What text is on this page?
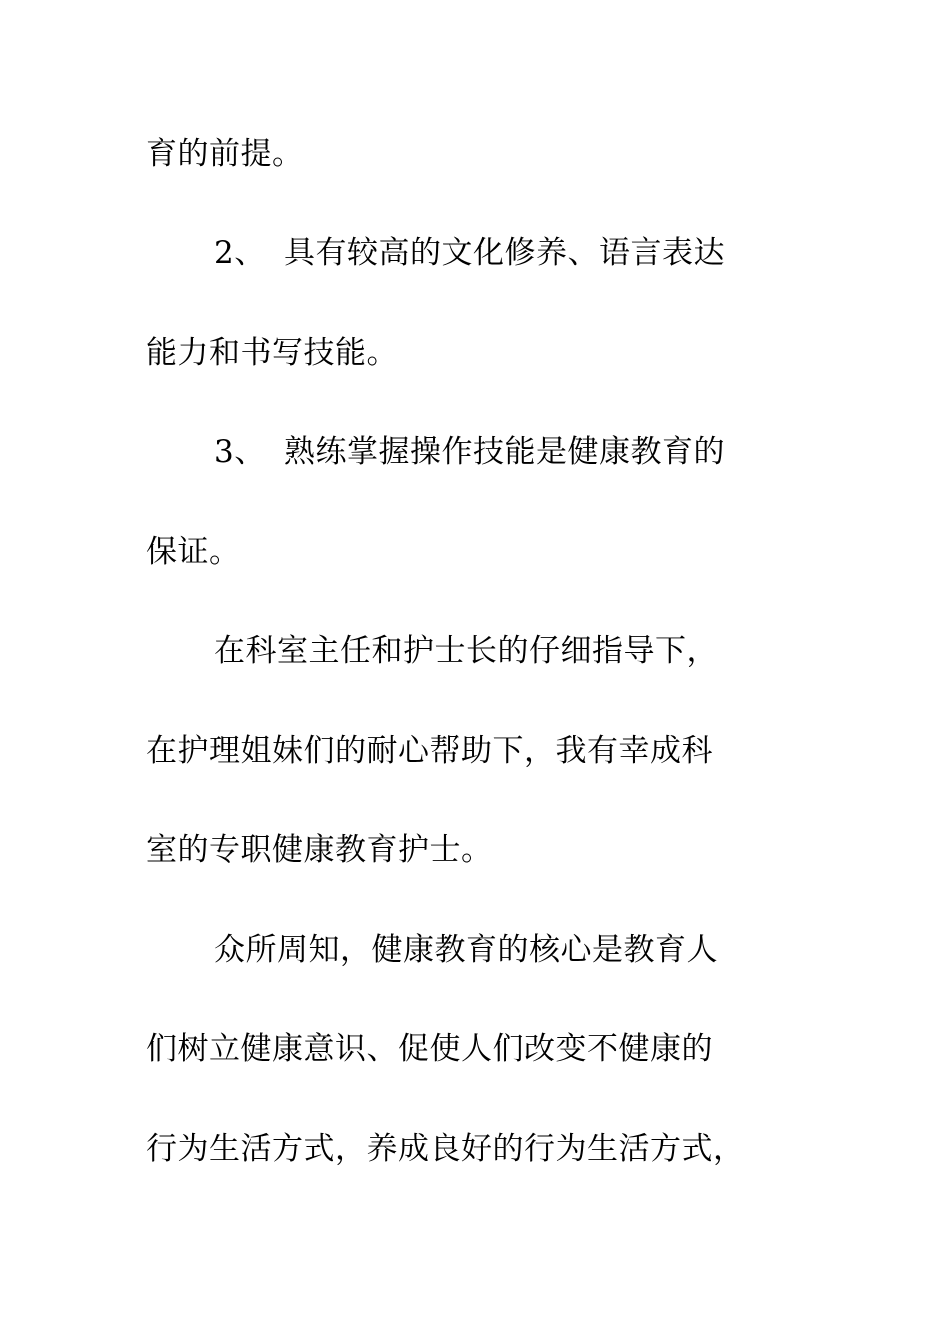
育的前提。
2、 具有较高的文化修养、语言表达
能力和书写技能。
3、 熟练掌握操作技能是健康教育的
保证。
在科室主任和护士长的仔细指导下，
在护理姐妹们的耐心帮助下，我有幸成科
室的专职健康教育护士。
众所周知，健康教育的核心是教育人
们树立健康意识、促使人们改变不健康的
行为生活方式，养成良好的行为生活方式，
